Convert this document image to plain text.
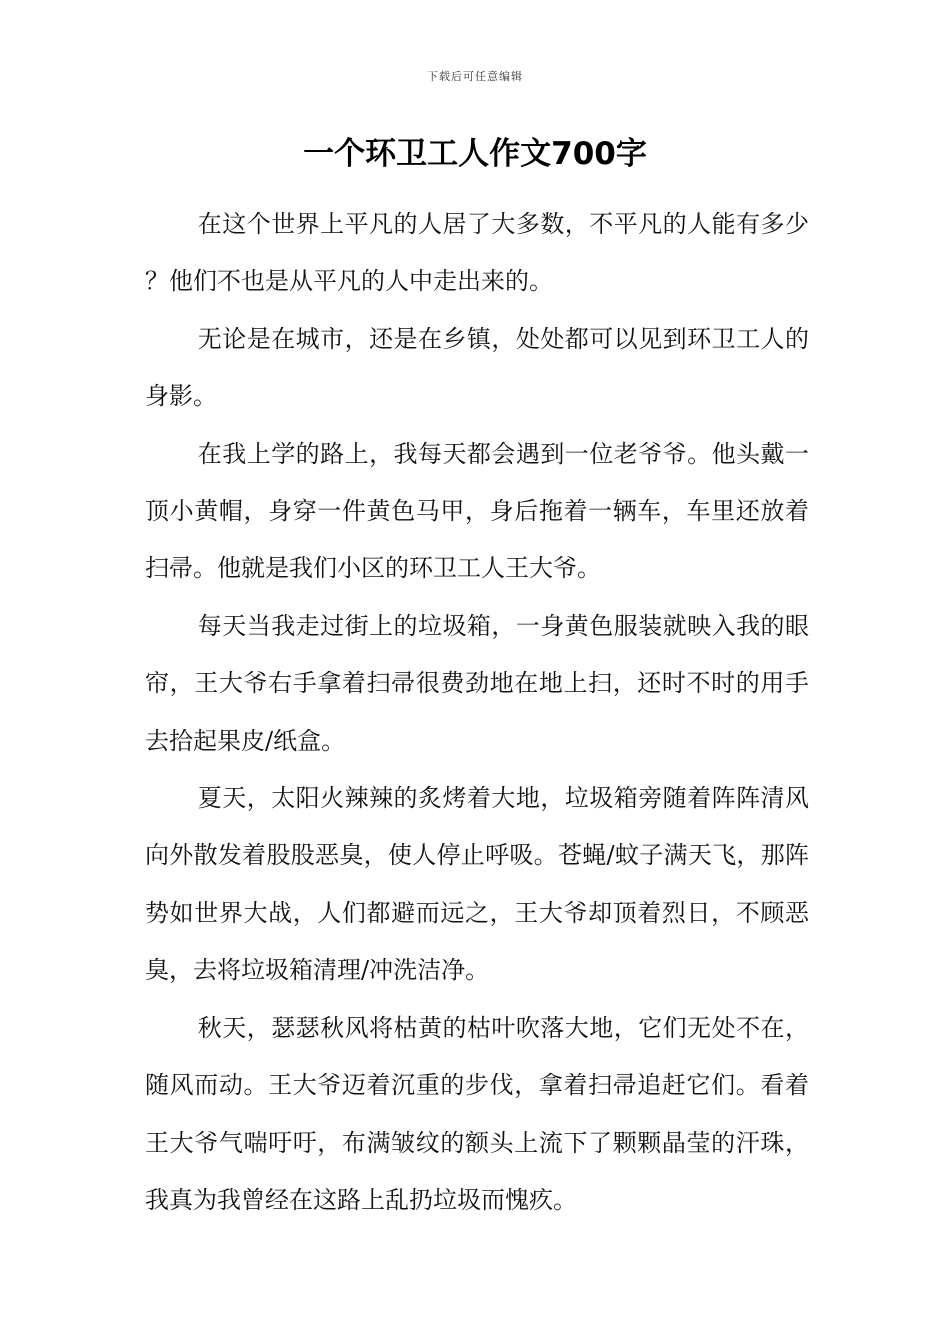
下载后可任意编辑
一个环卫工人作文700字

在这个世界上平凡的人居了大多数，不平凡的人能有多少？他们不也是从平凡的人中走出来的。

无论是在城市，还是在乡镇，处处都可以见到环卫工人的身影。

在我上学的路上，我每天都会遇到一位老爷爷。他头戴一顶小黄帽，身穿一件黄色马甲，身后拖着一辆车，车里还放着扫帚。他就是我们小区的环卫工人王大爷。

每天当我走过街上的垃圾箱，一身黄色服装就映入我的眼帘，王大爷右手拿着扫帚很费劲地在地上扫，还时不时的用手去拾起果皮/纸盒。

夏天，太阳火辣辣的炙烤着大地，垃圾箱旁随着阵阵清风向外散发着股股恶臭，使人停止呼吸。苍蝇/蚊子满天飞，那阵势如世界大战，人们都避而远之，王大爷却顶着烈日，不顾恶臭，去将垃圾箱清理/冲洗洁净。

秋天，瑟瑟秋风将枯黄的枯叶吹落大地，它们无处不在，随风而动。王大爷迈着沉重的步伐，拿着扫帚追赶它们。看着王大爷气喘吁吁，布满皱纹的额头上流下了颗颗晶莹的汗珠，我真为我曾经在这路上乱扔垃圾而愧疚。
